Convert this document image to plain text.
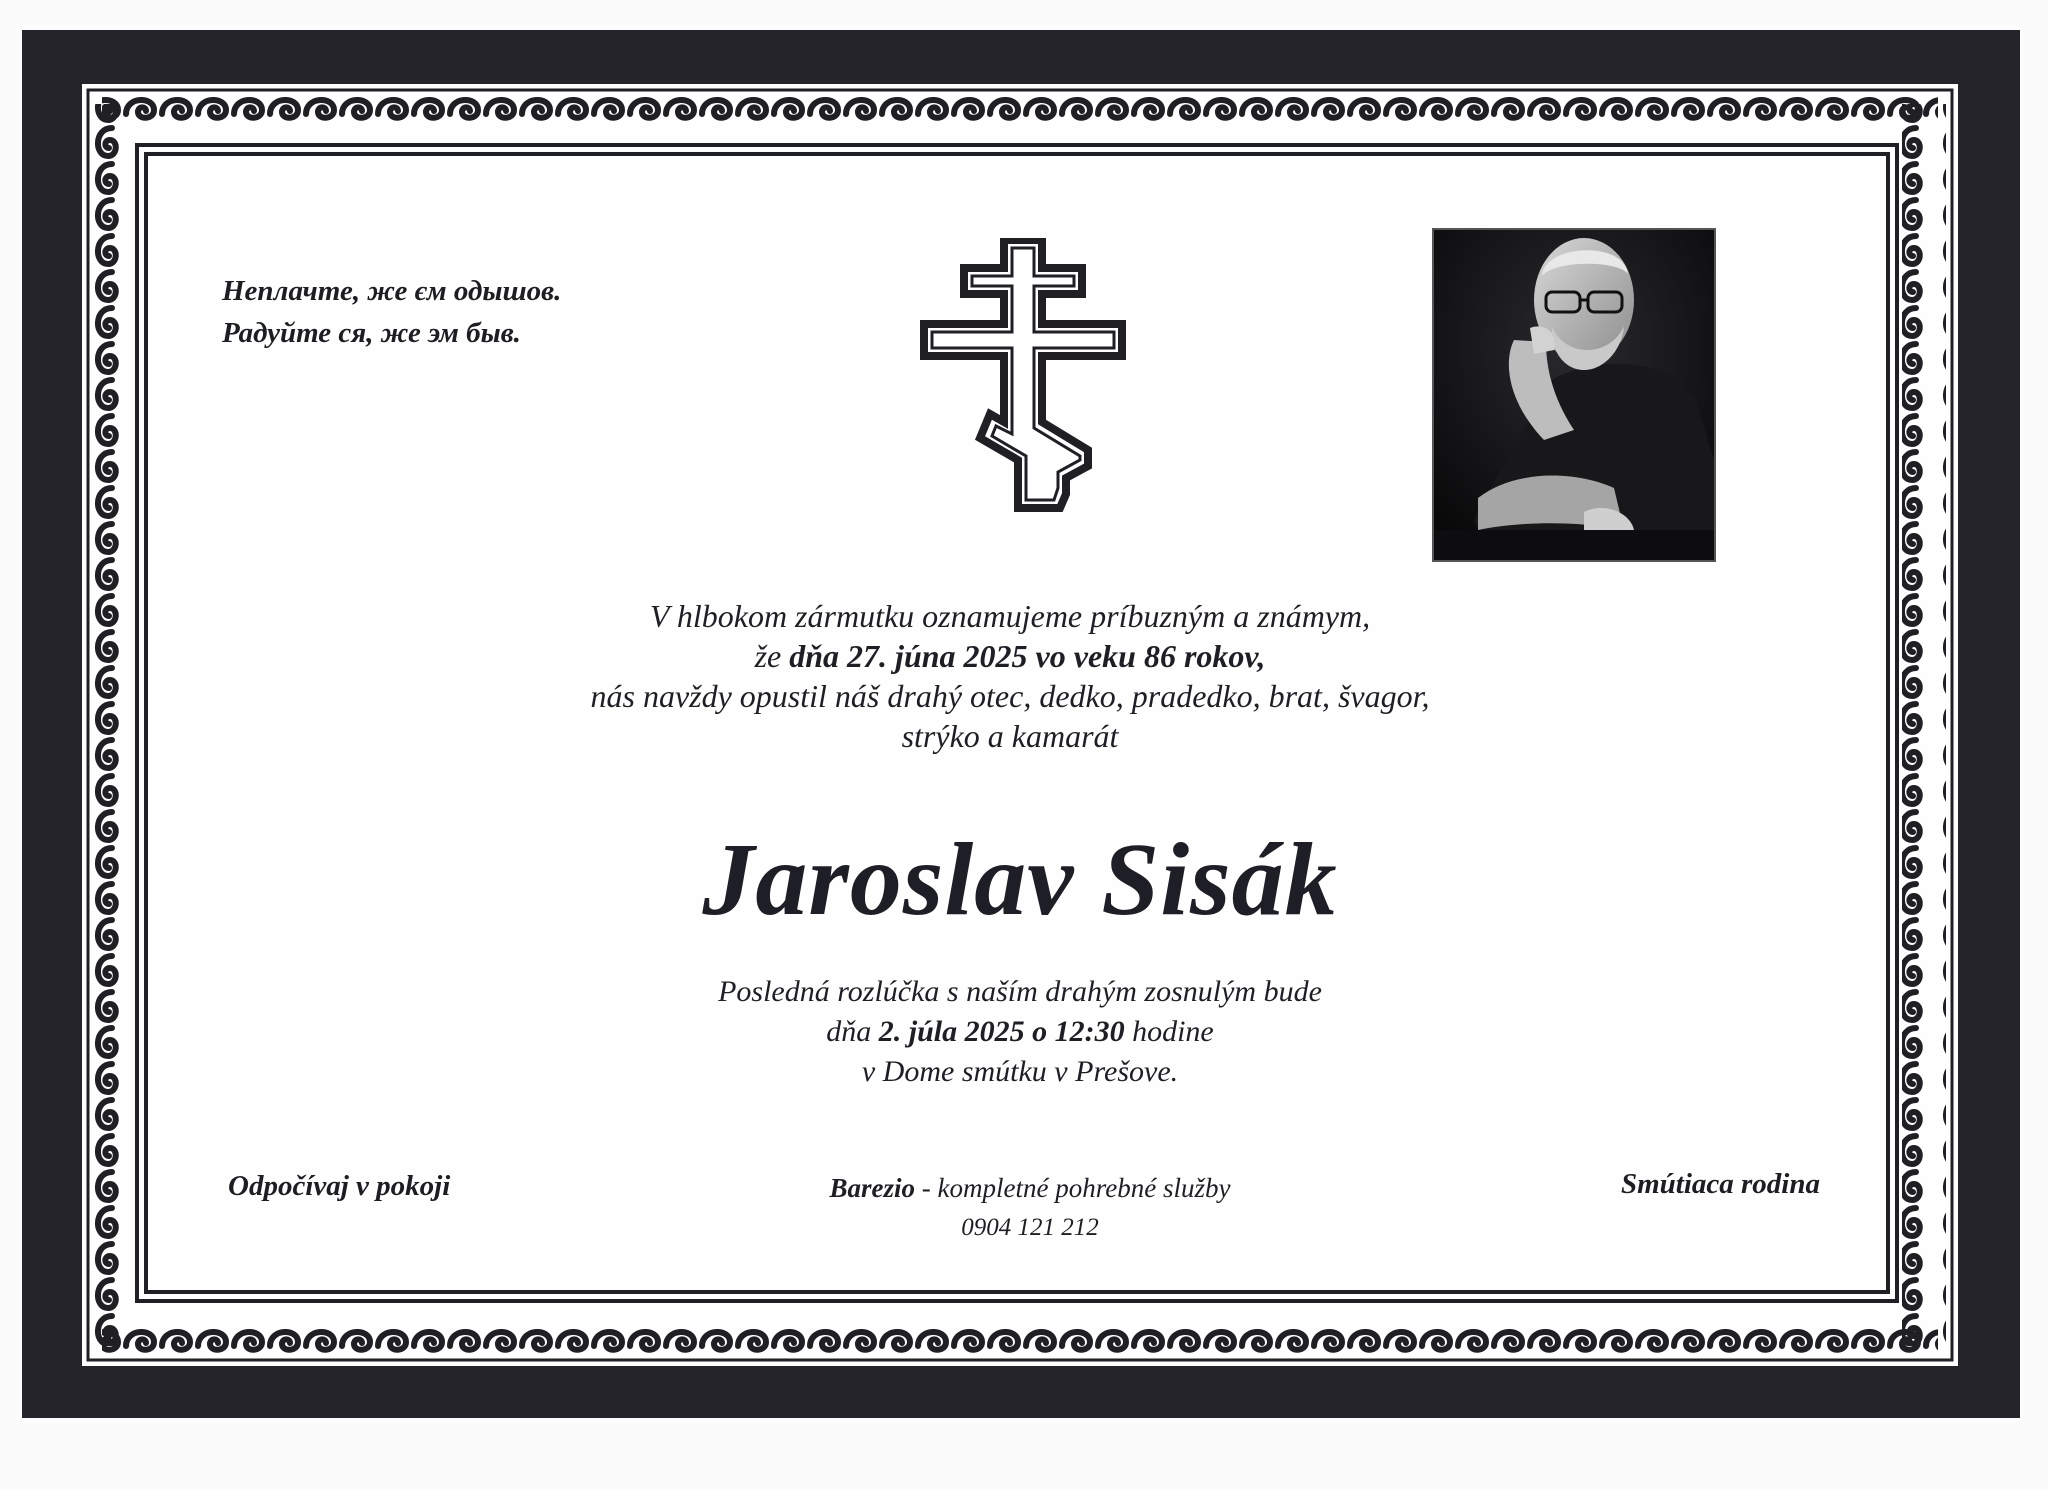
Неплачте, же єм одышов.
Радуйте ся, же эм быв.
V hlbokom zármutku oznamujeme príbuzným a známym,
že dňa 27. júna 2025 vo veku 86 rokov,
nás navždy opustil náš drahý otec, dedko, pradedko, brat, švagor,
strýko a kamarát
Jaroslav Sisák
Posledná rozlúčka s naším drahým zosnulým bude
dňa 2. júla 2025 o 12:30 hodine
v Dome smútku v Prešove.
Odpočívaj v pokoji	Barezio - kompletné pohrebné služby
0904 121 212
Smútiaca rodina
